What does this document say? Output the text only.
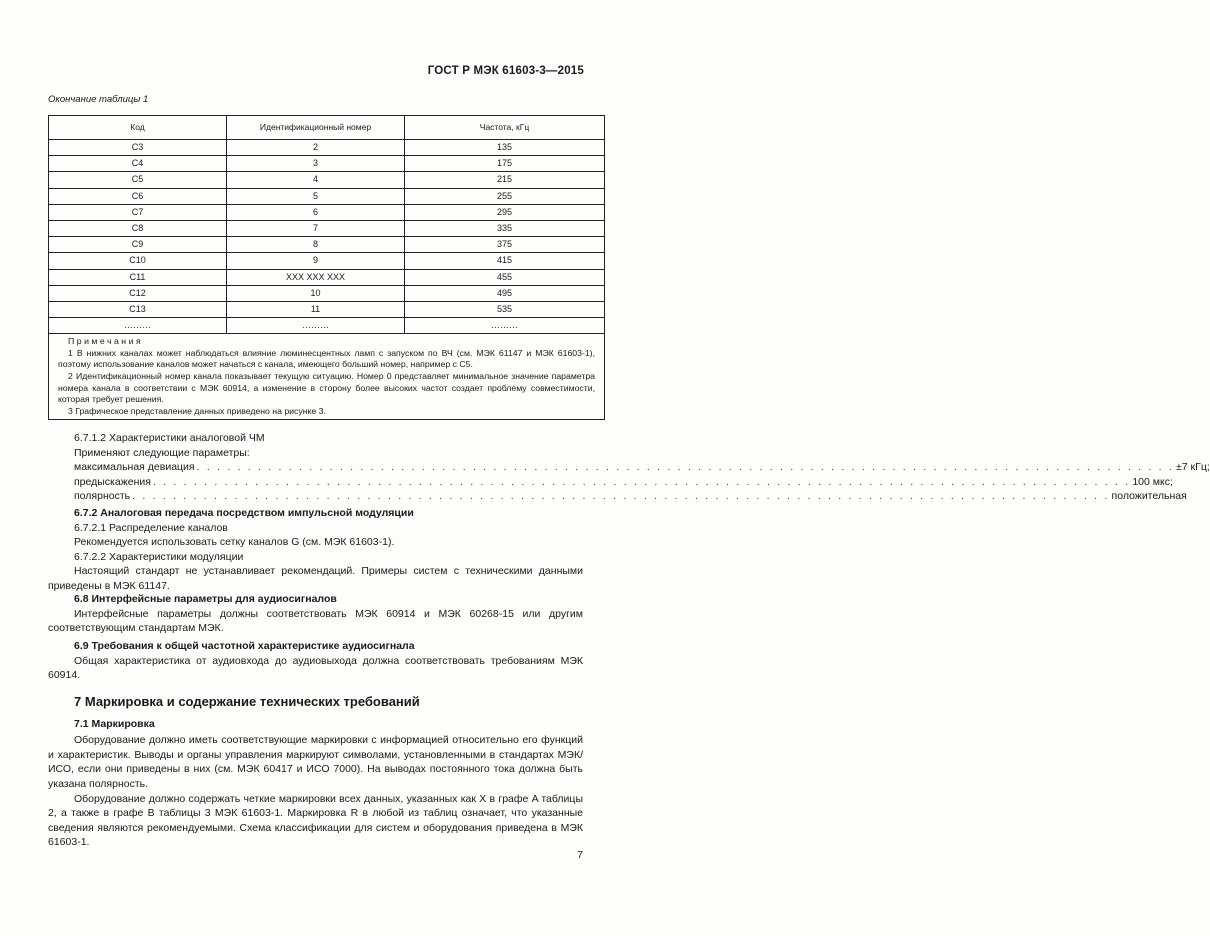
ГОСТ Р МЭК 61603-3—2015
Окончание таблицы 1
Код	Идентификационный номер	Частота, кГц
C3	2	135
C4	3	175
C5	4	215
C6	5	255
C7	6	295
C8	7	335
C9	8	375
C10	9	415
C11	XXX XXX XXX	455
C12	10	495
C13	11	535
………	………	………

Примечания
1 В нижних каналах может наблюдаться влияние люминесцентных ламп с запуском по ВЧ (см. МЭК 61147 и МЭК 61603-1), поэтому использование каналов может начаться с канала, имеющего больший номер, например с C5.
2 Идентификационный номер канала показывает текущую ситуацию. Номер 0 представляет минимальное значение параметра номера канала в соответствии с МЭК 60914, а изменение в сторону более высоких частот создает проблему совместимости, которая требует решения.
3 Графическое представление данных приведено на рисунке 3.		
6.7.1.2 Характеристики аналоговой ЧМ
Применяют следующие параметры:
максимальная девиация . . . . . . . . . . . . . . . . . . . . . . . . . . . . . . . . . . . . . . . . . . . . . . . . . . . . . . . . . . . . . . . . . . . . . . . . . . . . . . . . . . . . . . . . . . . . . . . . ±7 кГц;
предыскажения . . . . . . . . . . . . . . . . . . . . . . . . . . . . . . . . . . . . . . . . . . . . . . . . . . . . . . . . . . . . . . . . . . . . . . . . . . . . . . . . . . . . . . . . . . . . . . . . 100 мкс;
полярность . . . . . . . . . . . . . . . . . . . . . . . . . . . . . . . . . . . . . . . . . . . . . . . . . . . . . . . . . . . . . . . . . . . . . . . . . . . . . . . . . . . . . . . . . . . . . . . . положительная
6.7.2 Аналоговая передача посредством импульсной модуляции
6.7.2.1 Распределение каналов
Рекомендуется использовать сетку каналов G (см. МЭК 61603-1).
6.7.2.2 Характеристики модуляции
Настоящий стандарт не устанавливает рекомендаций. Примеры систем с техническими данными приведены в МЭК 61147.
6.8 Интерфейсные параметры для аудиосигналов
Интерфейсные параметры должны соответствовать МЭК 60914 и МЭК 60268-15 или другим соответствующим стандартам МЭК.
6.9 Требования к общей частотной характеристике аудиосигнала
Общая характеристика от аудиовхода до аудиовыхода должна соответствовать требованиям МЭК 60914.
7 Маркировка и содержание технических требований
7.1 Маркировка
Оборудование должно иметь соответствующие маркировки с информацией относительно его функций и характеристик. Выводы и органы управления маркируют символами, установленными в стандартах МЭК/ИСО, если они приведены в них (см. МЭК 60417 и ИСО 7000). На выводах постоянного тока должна быть указана полярность.
Оборудование должно содержать четкие маркировки всех данных, указанных как X в графе A таблицы 2, а также в графе B таблицы 3 МЭК 61603-1. Маркировка R в любой из таблиц означает, что указанные сведения являются рекомендуемыми. Схема классификации для систем и оборудования приведена в МЭК 61603-1.
7
